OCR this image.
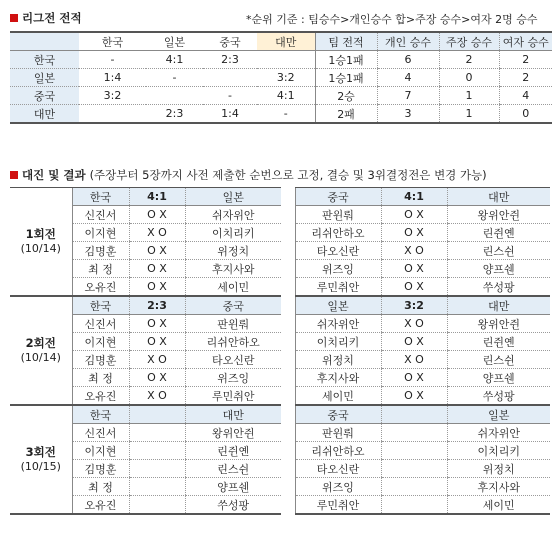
리그전 전적	*순위 기준 : 팀승수>개인승수 합>주장 승수>여자 2명 승수
	한국	일본	중국	대만	팀 전적	개인 승수	주장 승수	여자 승수
한국	-	4:1	2:3		1승1패	6	2	2
일본	1:4	-		3:2	1승1패	4	0	2
중국	3:2		-	4:1	2승	7	1	4
대만		2:3	1:4	-	2패	3	1	0
대진 및 결과 (주장부터 5장까지 사전 제출한 순번으로 고정, 결승 및 3위결정전은 변경 가능)
1회전
(10/14)	한국	4:1	일본		중국	4:1	대만
	신진서	O X	쉬자위안		판윈뤄	O X	왕위안쥔
	이지현	X O	이치리키		리쉬안하오	O X	린쥔옌
	김명훈	O X	위정치		타오신란	X O	린스쉰
	최 정	O X	후지사와		위즈잉	O X	양프쉔
	오유진	O X	세이민		루민취안	O X	쑤성팡
2회전
(10/14)	한국	2:3	중국		일본	3:2	대만
	신진서	O X	판윈뤄		쉬자위안	X O	왕위안쥔
	이지현	O X	리쉬안하오		이치리키	O X	린쥔옌
	김명훈	X O	타오신란		위정치	X O	린스쉰
	최 정	O X	위즈잉		후지사와	O X	양프쉔
	오유진	X O	루민취안		세이민	O X	쑤성팡
3회전
(10/15)	한국		대만		중국		일본
	신진서		왕위안쥔		판윈뤄		쉬자위안
	이지현		린쥔옌		리쉬안하오		이치리키
	김명훈		린스쉰		타오신란		위정치
	최 정		양프쉔		위즈잉		후지사와
	오유진		쑤성팡		루민취안		세이민
